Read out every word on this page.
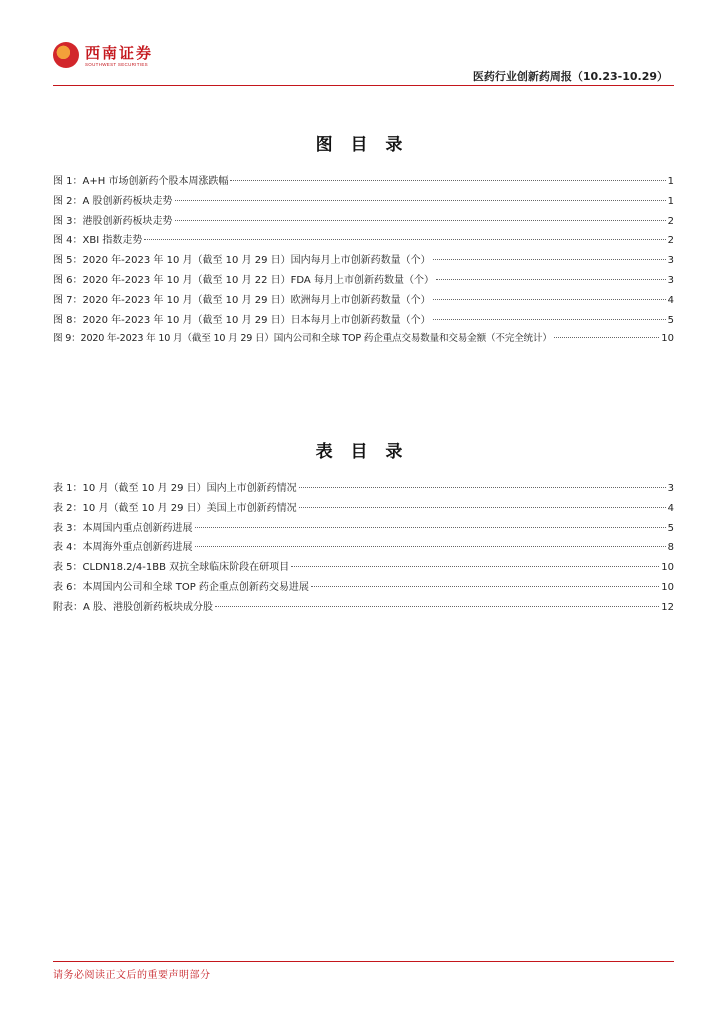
西南证券
SOUTHWEST SECURITIES
医药行业创新药周报（10.23-10.29）
图 目 录
图 1：A+H 市场创新药个股本周涨跌幅	1
图 2：A 股创新药板块走势	1
图 3：港股创新药板块走势	2
图 4：XBI 指数走势	2
图 5：2020 年-2023 年 10 月（截至 10 月 29 日）国内每月上市创新药数量（个）	3
图 6：2020 年-2023 年 10 月（截至 10 月 22 日）FDA 每月上市创新药数量（个）	3
图 7：2020 年-2023 年 10 月（截至 10 月 29 日）欧洲每月上市创新药数量（个）	4
图 8：2020 年-2023 年 10 月（截至 10 月 29 日）日本每月上市创新药数量（个）	5
图 9：2020 年-2023 年 10 月（截至 10 月 29 日）国内公司和全球 TOP 药企重点交易数量和交易金额（不完全统计）	10
表 目 录
表 1：10 月（截至 10 月 29 日）国内上市创新药情况	3
表 2：10 月（截至 10 月 29 日）美国上市创新药情况	4
表 3：本周国内重点创新药进展	5
表 4：本周海外重点创新药进展	8
表 5：CLDN18.2/4-1BB 双抗全球临床阶段在研项目	10
表 6：本周国内公司和全球 TOP 药企重点创新药交易进展	10
附表：A 股、港股创新药板块成分股	12
请务必阅读正文后的重要声明部分
